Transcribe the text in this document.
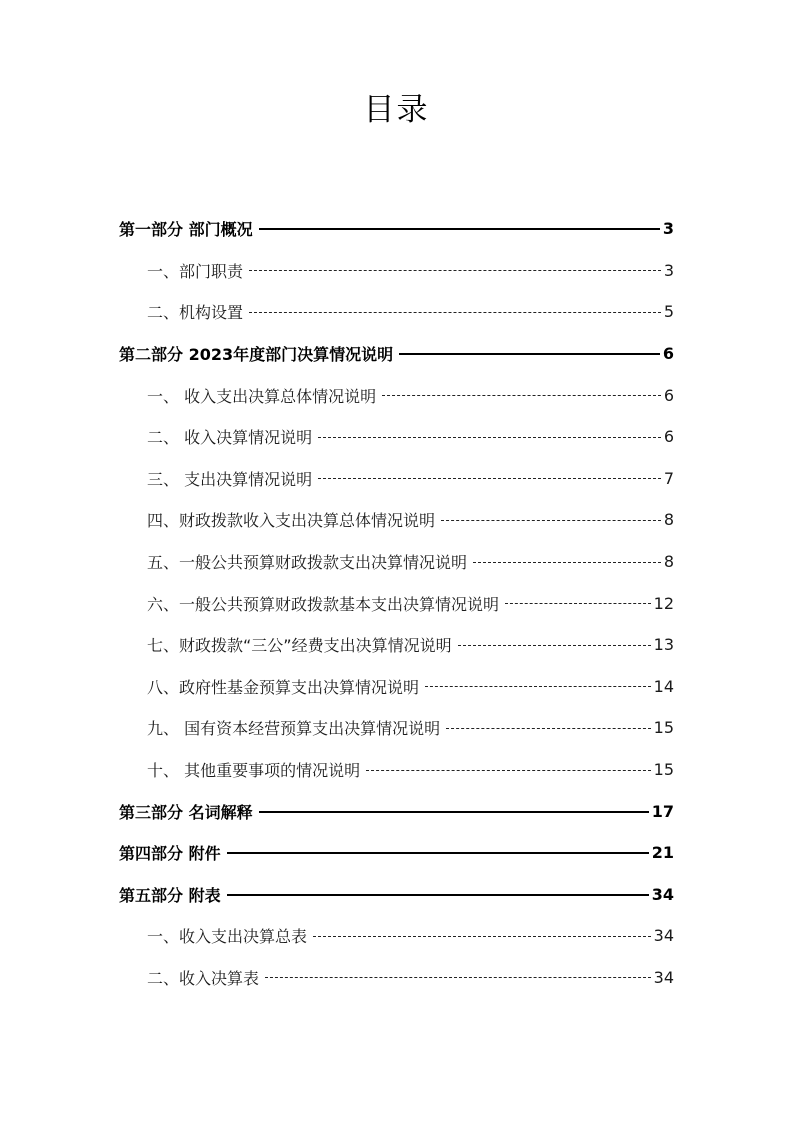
目录
第一部分 部门概况	3
一、部门职责	3
二、机构设置	5
第二部分 2023年度部门决算情况说明	6
一、 收入支出决算总体情况说明	6
二、 收入决算情况说明	6
三、 支出决算情况说明	7
四、财政拨款收入支出决算总体情况说明	8
五、一般公共预算财政拨款支出决算情况说明	8
六、一般公共预算财政拨款基本支出决算情况说明	12
七、财政拨款“三公”经费支出决算情况说明	13
八、政府性基金预算支出决算情况说明	14
九、 国有资本经营预算支出决算情况说明	15
十、 其他重要事项的情况说明	15
第三部分 名词解释	17
第四部分 附件	21
第五部分 附表	34
一、收入支出决算总表	34
二、收入决算表	34
